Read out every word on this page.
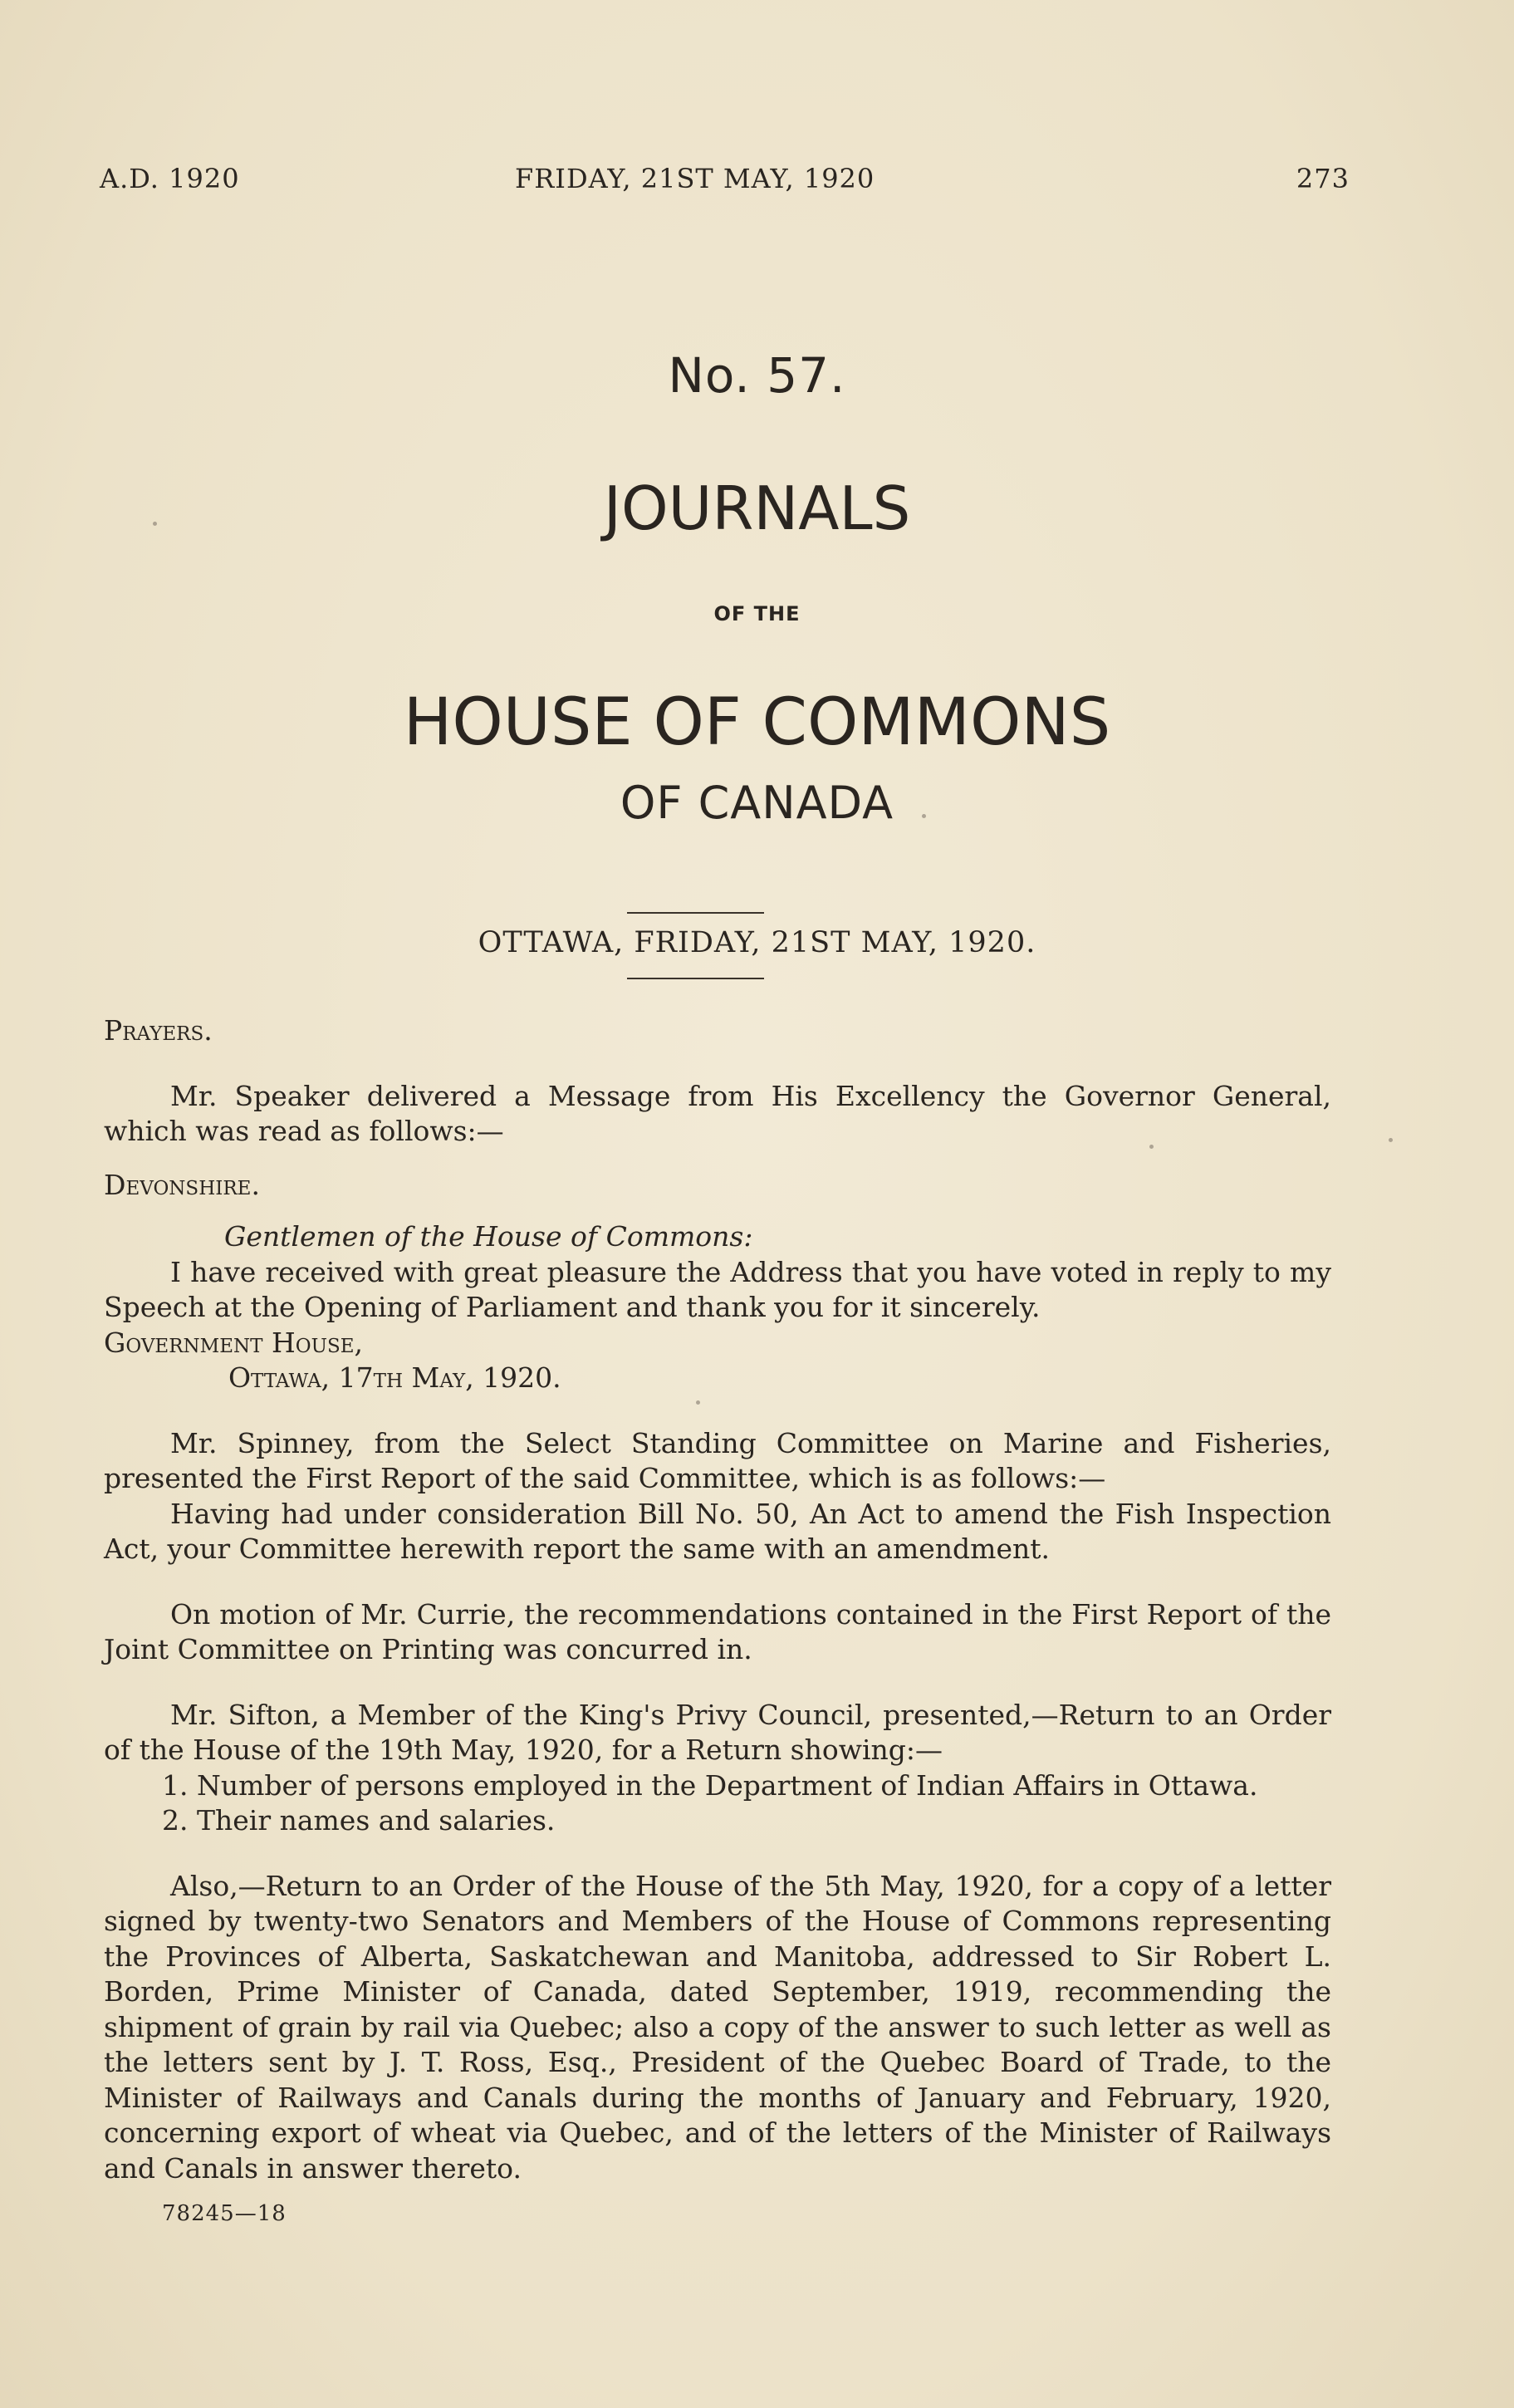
A.D. 1920	FRIDAY, 21ST MAY, 1920	273
No. 57.
JOURNALS
OF THE
HOUSE OF COMMONS
OF CANADA
OTTAWA, FRIDAY, 21ST MAY, 1920.

Prayers.

Mr. Speaker delivered a Message from His Excellency the Governor General, which was read as follows:—

Devonshire.

Gentlemen of the House of Commons:

I have received with great pleasure the Address that you have voted in reply to my Speech at the Opening of Parliament and thank you for it sincerely.

Government House,

Ottawa, 17th May, 1920.

Mr. Spinney, from the Select Standing Committee on Marine and Fisheries, presented the First Report of the said Committee, which is as follows:—

Having had under consideration Bill No. 50, An Act to amend the Fish Inspection Act, your Committee herewith report the same with an amendment.

On motion of Mr. Currie, the recommendations contained in the First Report of the Joint Committee on Printing was concurred in.

Mr. Sifton, a Member of the King's Privy Council, presented,—Return to an Order of the House of the 19th May, 1920, for a Return showing:—

1. Number of persons employed in the Department of Indian Affairs in Ottawa.

2. Their names and salaries.

Also,—Return to an Order of the House of the 5th May, 1920, for a copy of a letter signed by twenty-two Senators and Members of the House of Commons representing the Provinces of Alberta, Saskatchewan and Manitoba, addressed to Sir Robert L. Borden, Prime Minister of Canada, dated September, 1919, recommending the shipment of grain by rail via Quebec; also a copy of the answer to such letter as well as the letters sent by J. T. Ross, Esq., President of the Quebec Board of Trade, to the Minister of Railways and Canals during the months of January and February, 1920, concerning export of wheat via Quebec, and of the letters of the Minister of Railways and Canals in answer thereto.

78245—18
